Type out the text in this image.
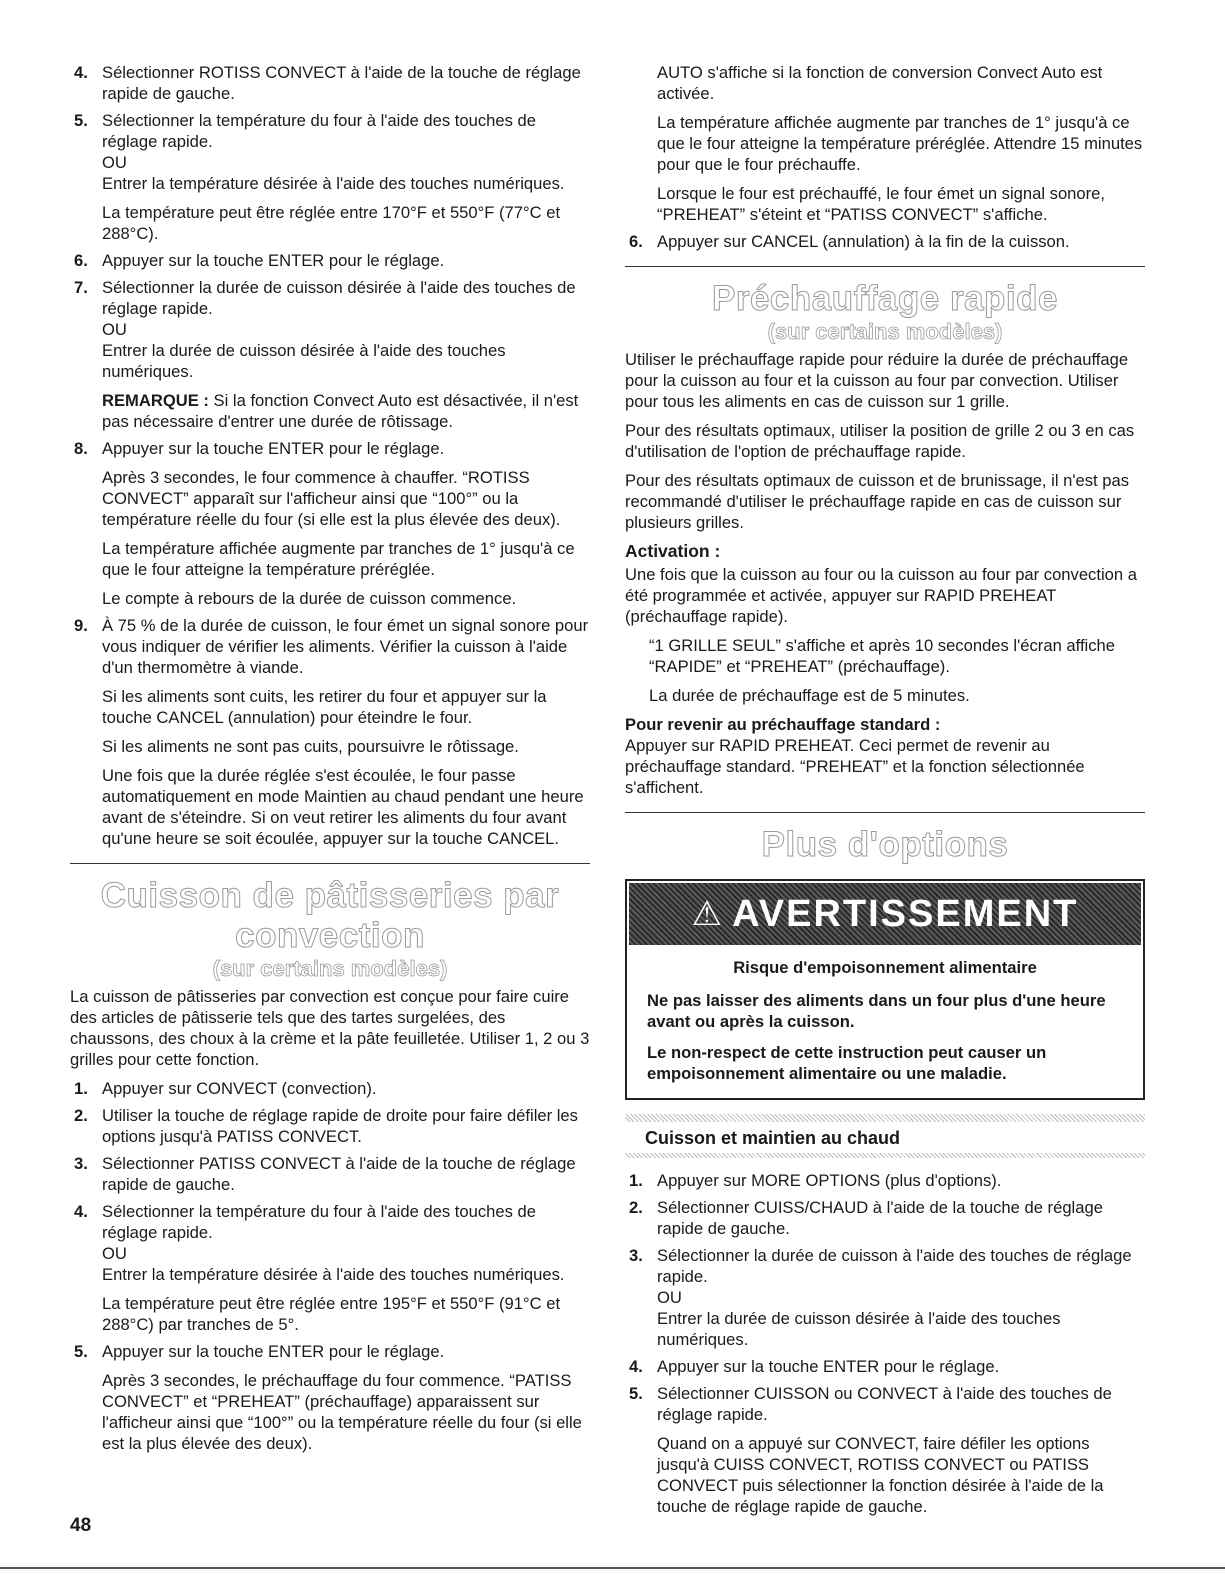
4. Sélectionner ROTISS CONVECT à l'aide de la touche de réglage rapide de gauche.

5. Sélectionner la température du four à l'aide des touches de réglage rapide.

OU

Entrer la température désirée à l'aide des touches numériques.

La température peut être réglée entre 170°F et 550°F (77°C et 288°C).

6. Appuyer sur la touche ENTER pour le réglage.

7. Sélectionner la durée de cuisson désirée à l'aide des touches de réglage rapide.

OU

Entrer la durée de cuisson désirée à l'aide des touches numériques.

REMARQUE : Si la fonction Convect Auto est désactivée, il n'est pas nécessaire d'entrer une durée de rôtissage.

8. Appuyer sur la touche ENTER pour le réglage.

Après 3 secondes, le four commence à chauffer. “ROTISS CONVECT” apparaît sur l'afficheur ainsi que “100°” ou la température réelle du four (si elle est la plus élevée des deux).

La température affichée augmente par tranches de 1° jusqu'à ce que le four atteigne la température préréglée.

Le compte à rebours de la durée de cuisson commence.

9. À 75 % de la durée de cuisson, le four émet un signal sonore pour vous indiquer de vérifier les aliments. Vérifier la cuisson à l'aide d'un thermomètre à viande.

Si les aliments sont cuits, les retirer du four et appuyer sur la touche CANCEL (annulation) pour éteindre le four.

Si les aliments ne sont pas cuits, poursuivre le rôtissage.

Une fois que la durée réglée s'est écoulée, le four passe automatiquement en mode Maintien au chaud pendant une heure avant de s'éteindre. Si on veut retirer les aliments du four avant qu'une heure se soit écoulée, appuyer sur la touche CANCEL.

Cuisson de pâtisseries par convection
(sur certains modèles)

La cuisson de pâtisseries par convection est conçue pour faire cuire des articles de pâtisserie tels que des tartes surgelées, des chaussons, des choux à la crème et la pâte feuilletée. Utiliser 1, 2 ou 3 grilles pour cette fonction.

1. Appuyer sur CONVECT (convection).

2. Utiliser la touche de réglage rapide de droite pour faire défiler les options jusqu'à PATISS CONVECT.

3. Sélectionner PATISS CONVECT à l'aide de la touche de réglage rapide de gauche.

4. Sélectionner la température du four à l'aide des touches de réglage rapide.

OU

Entrer la température désirée à l'aide des touches numériques.

La température peut être réglée entre 195°F et 550°F (91°C et 288°C) par tranches de 5°.

5. Appuyer sur la touche ENTER pour le réglage.

Après 3 secondes, le préchauffage du four commence. “PATISS CONVECT” et “PREHEAT” (préchauffage) apparaissent sur l'afficheur ainsi que “100°” ou la température réelle du four (si elle est la plus élevée des deux).

AUTO s'affiche si la fonction de conversion Convect Auto est activée.

La température affichée augmente par tranches de 1° jusqu'à ce que le four atteigne la température préréglée. Attendre 15 minutes pour que le four préchauffe.

Lorsque le four est préchauffé, le four émet un signal sonore, “PREHEAT” s'éteint et “PATISS CONVECT” s'affiche.

6. Appuyer sur CANCEL (annulation) à la fin de la cuisson.

Préchauffage rapide
(sur certains modèles)

Utiliser le préchauffage rapide pour réduire la durée de préchauffage pour la cuisson au four et la cuisson au four par convection. Utiliser pour tous les aliments en cas de cuisson sur 1 grille.

Pour des résultats optimaux, utiliser la position de grille 2 ou 3 en cas d'utilisation de l'option de préchauffage rapide.

Pour des résultats optimaux de cuisson et de brunissage, il n'est pas recommandé d'utiliser le préchauffage rapide en cas de cuisson sur plusieurs grilles.

Activation :

Une fois que la cuisson au four ou la cuisson au four par convection a été programmée et activée, appuyer sur RAPID PREHEAT (préchauffage rapide).

“1 GRILLE SEUL” s'affiche et après 10 secondes l'écran affiche “RAPIDE” et “PREHEAT” (préchauffage).

La durée de préchauffage est de 5 minutes.

Pour revenir au préchauffage standard :

Appuyer sur RAPID PREHEAT. Ceci permet de revenir au préchauffage standard. “PREHEAT” et la fonction sélectionnée s'affichent.

Plus d'options
⚠ AVERTISSEMENT

Risque d'empoisonnement alimentaire

Ne pas laisser des aliments dans un four plus d'une heure avant ou après la cuisson.

Le non-respect de cette instruction peut causer un empoisonnement alimentaire ou une maladie.

Cuisson et maintien au chaud
1. Appuyer sur MORE OPTIONS (plus d'options).

2. Sélectionner CUISS/CHAUD à l'aide de la touche de réglage rapide de gauche.

3. Sélectionner la durée de cuisson à l'aide des touches de réglage rapide.

OU

Entrer la durée de cuisson désirée à l'aide des touches numériques.

4. Appuyer sur la touche ENTER pour le réglage.

5. Sélectionner CUISSON ou CONVECT à l'aide des touches de réglage rapide.

Quand on a appuyé sur CONVECT, faire défiler les options jusqu'à CUISS CONVECT, ROTISS CONVECT ou PATISS CONVECT puis sélectionner la fonction désirée à l'aide de la touche de réglage rapide de gauche.

48
